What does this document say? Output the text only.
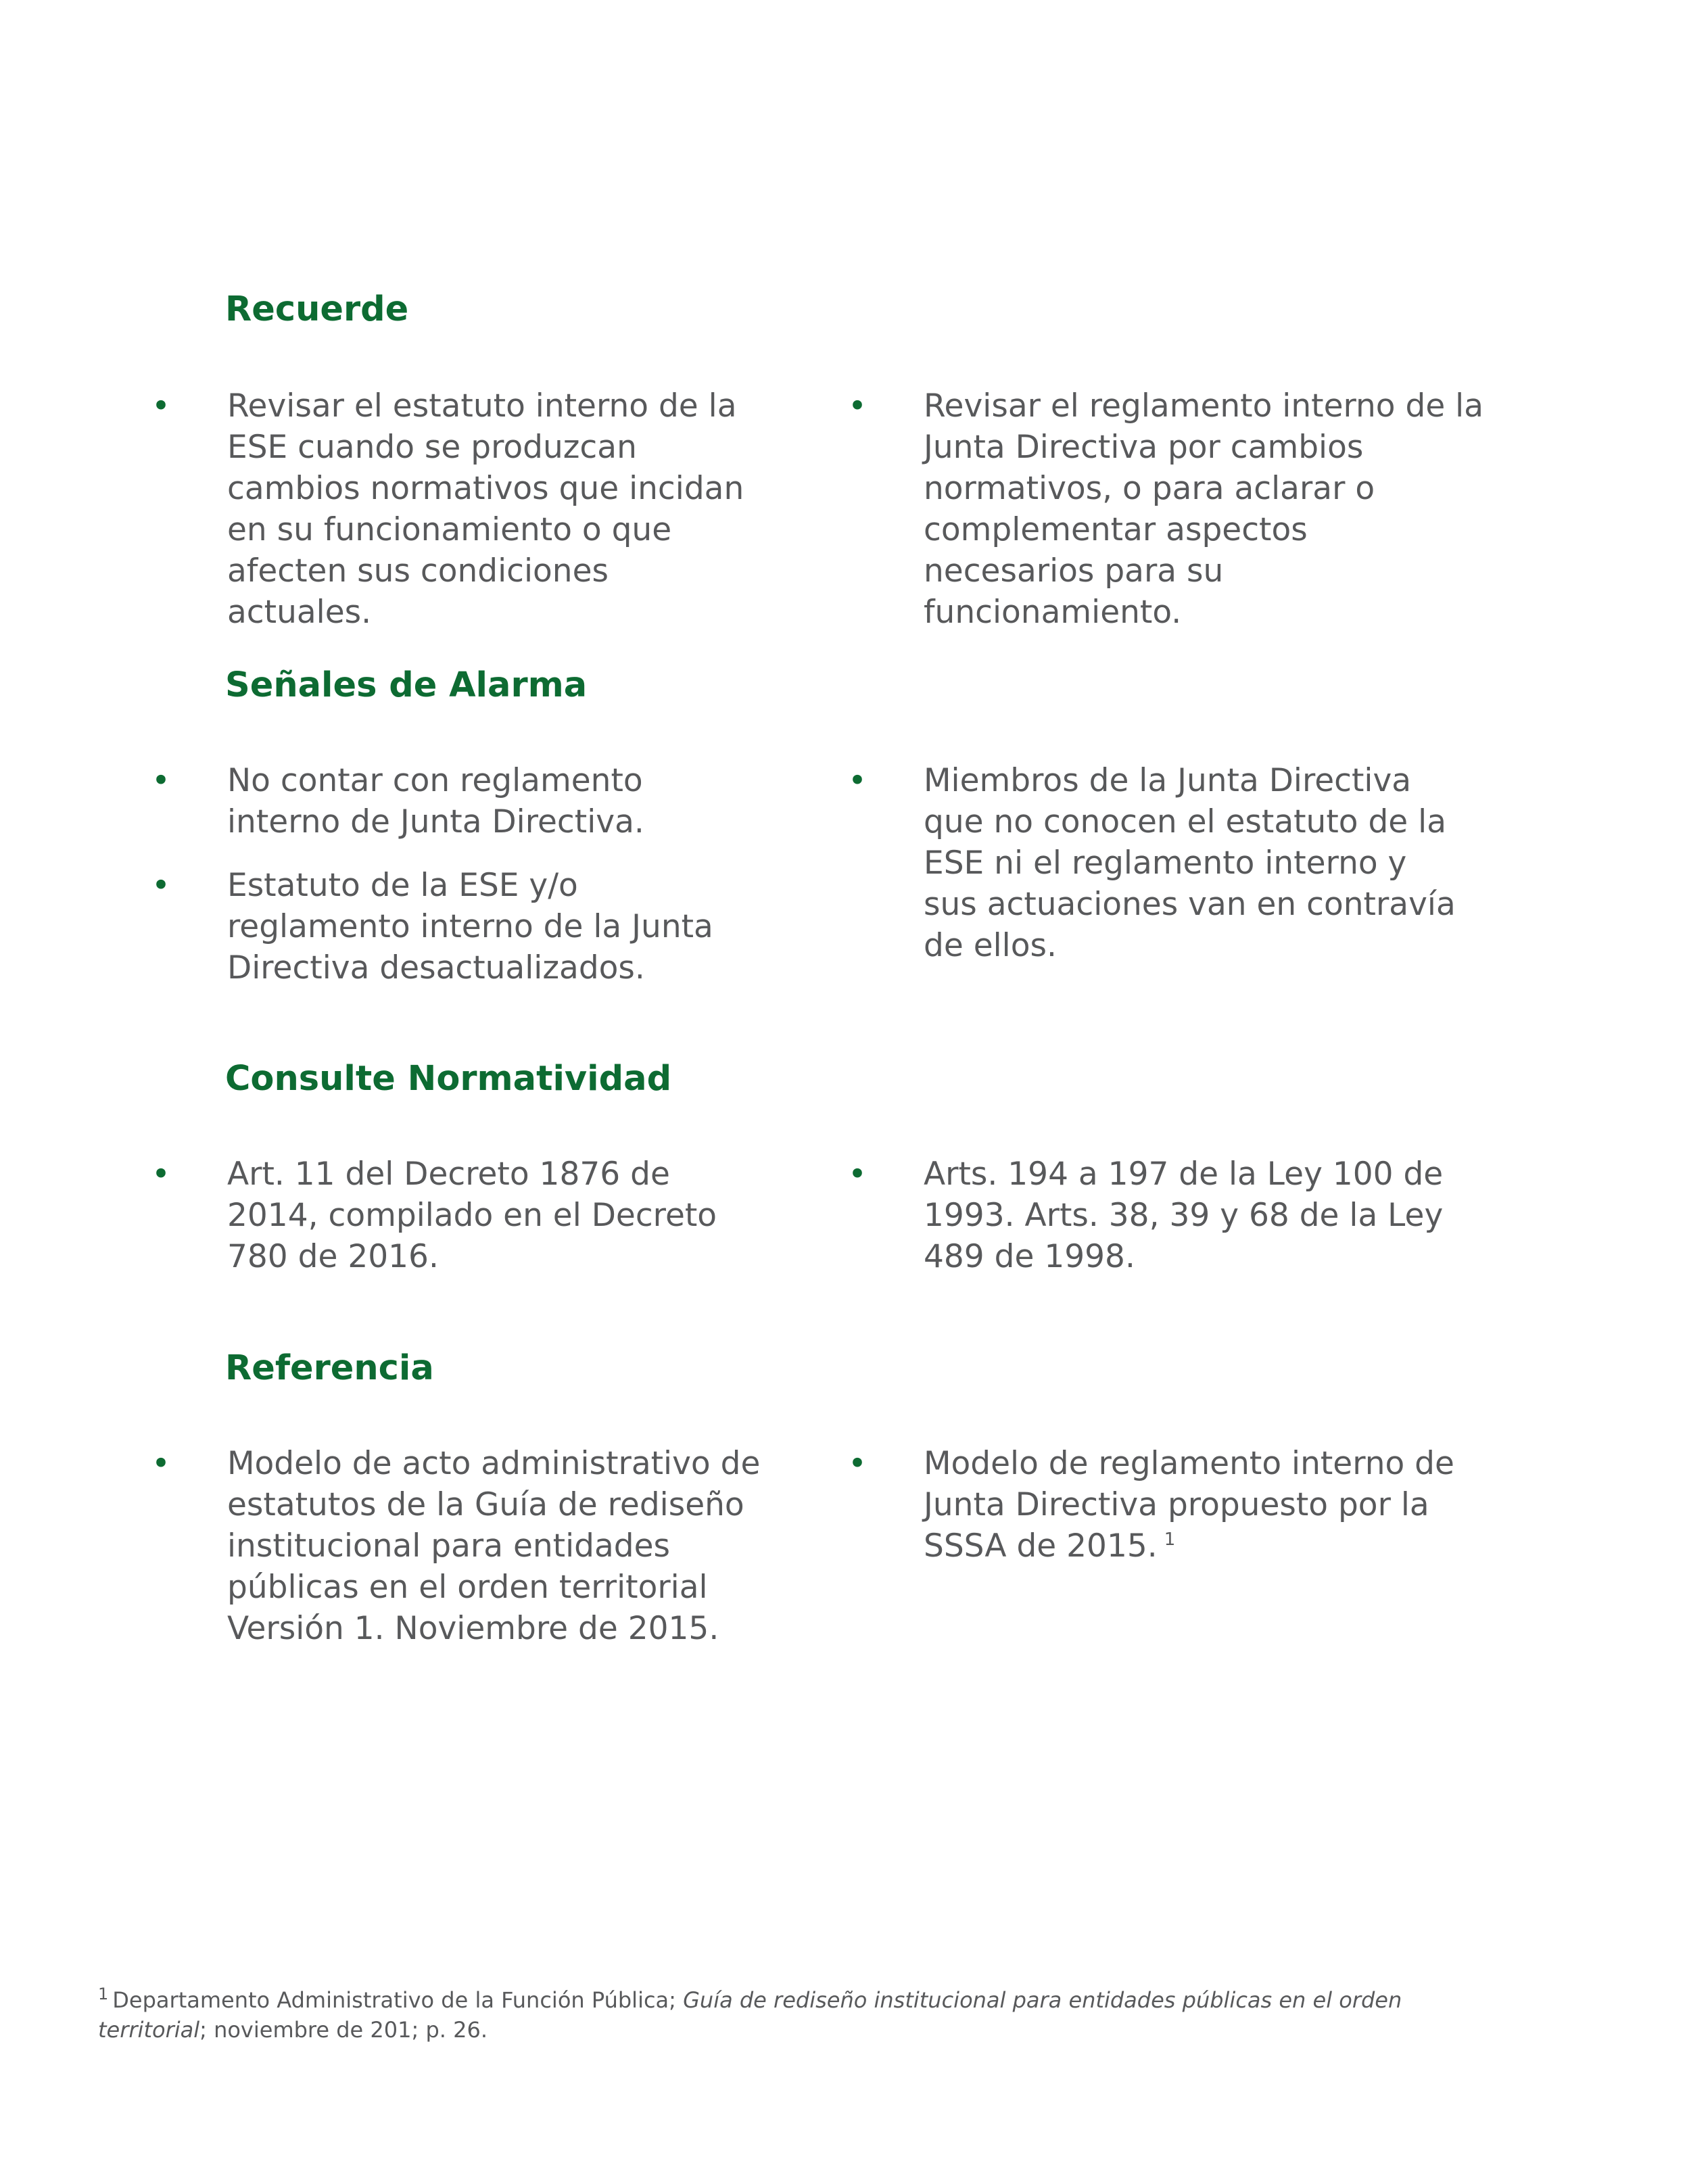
Recuerde
• Revisar el estatuto interno de la ESE cuando se produzcan cambios normativos que incidan en su funcionamiento o que afecten sus condiciones actuales.
• Revisar el reglamento interno de la Junta Directiva por cambios normativos, o para aclarar o complementar aspectos necesarios para su funcionamiento.
Señales de Alarma
• No contar con reglamento interno de Junta Directiva.
• Estatuto de la ESE y/o reglamento interno de la Junta Directiva desactualizados.
• Miembros de la Junta Directiva que no conocen el estatuto de la ESE ni el reglamento interno y sus actuaciones van en contravía de ellos.
Consulte Normatividad
• Art. 11 del Decreto 1876 de 2014, compilado en el Decreto 780 de 2016.
• Arts. 194 a 197 de la Ley 100 de 1993. Arts. 38, 39 y 68 de la Ley 489 de 1998.
Referencia
• Modelo de acto administrativo de estatutos de la Guía de rediseño institucional para entidades públicas en el orden territorial Versión 1. Noviembre de 2015.
• Modelo de reglamento interno de Junta Directiva propuesto por la SSSA de 2015. $^1$
$^1$ Departamento Administrativo de la Función Pública; Guía de rediseño institucional para entidades públicas en el orden territorial; noviembre de 201; p. 26.
